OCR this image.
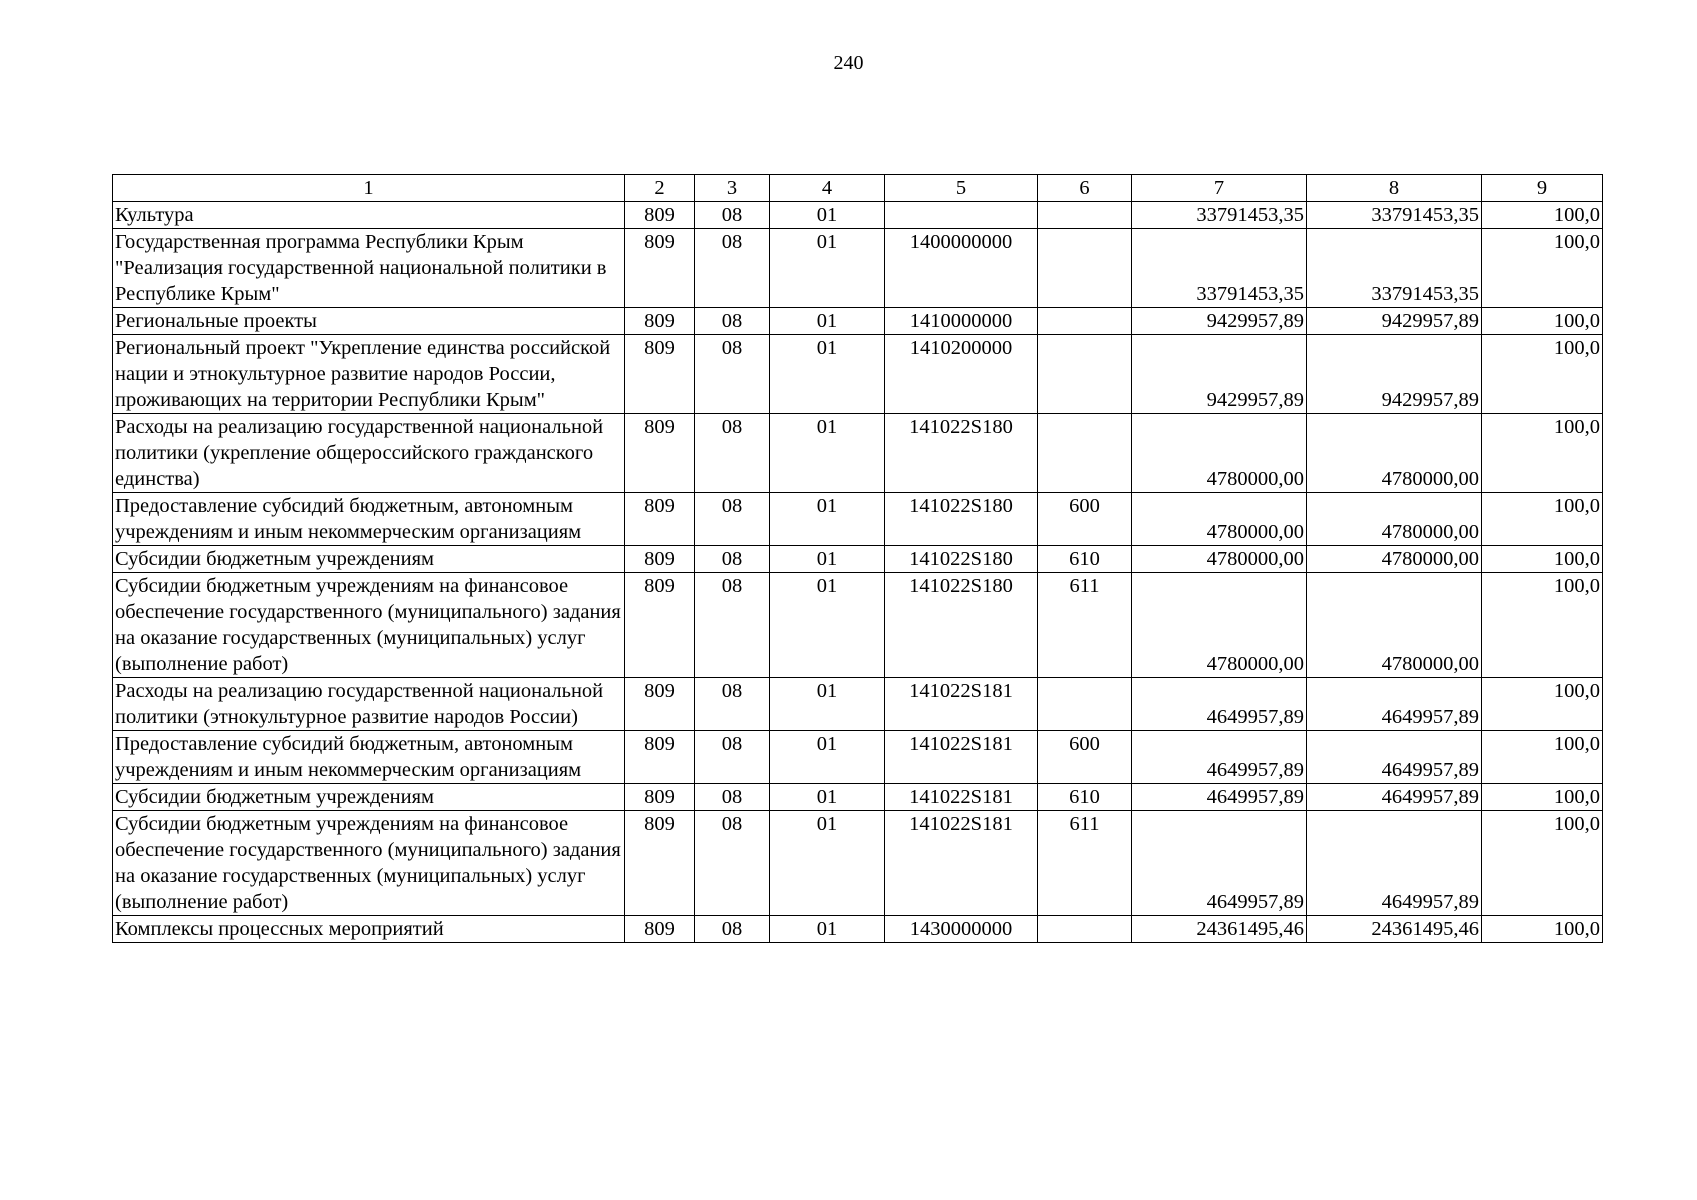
240
1	2	3	4	5	6	7	8	9
Культура	809	08	01			33791453,35	33791453,35	100,0
Государственная программа Республики Крым "Реализация государственной национальной политики в Республике Крым"	809	08	01	1400000000		33791453,35	33791453,35	100,0
Региональные проекты	809	08	01	1410000000		9429957,89	9429957,89	100,0
Региональный проект "Укрепление единства российской нации и этнокультурное развитие народов России, проживающих на территории Республики Крым"	809	08	01	1410200000		9429957,89	9429957,89	100,0
Расходы на реализацию государственной национальной политики (укрепление общероссийского гражданского единства)	809	08	01	141022S180		4780000,00	4780000,00	100,0
Предоставление субсидий бюджетным, автономным учреждениям и иным некоммерческим организациям	809	08	01	141022S180	600	4780000,00	4780000,00	100,0
Субсидии бюджетным учреждениям	809	08	01	141022S180	610	4780000,00	4780000,00	100,0
Субсидии бюджетным учреждениям на финансовое обеспечение государственного (муниципального) задания на оказание государственных (муниципальных) услуг (выполнение работ)	809	08	01	141022S180	611	4780000,00	4780000,00	100,0
Расходы на реализацию государственной национальной политики (этнокультурное развитие народов России)	809	08	01	141022S181		4649957,89	4649957,89	100,0
Предоставление субсидий бюджетным, автономным учреждениям и иным некоммерческим организациям	809	08	01	141022S181	600	4649957,89	4649957,89	100,0
Субсидии бюджетным учреждениям	809	08	01	141022S181	610	4649957,89	4649957,89	100,0
Субсидии бюджетным учреждениям на финансовое обеспечение государственного (муниципального) задания на оказание государственных (муниципальных) услуг (выполнение работ)	809	08	01	141022S181	611	4649957,89	4649957,89	100,0
Комплексы процессных мероприятий	809	08	01	1430000000		24361495,46	24361495,46	100,0
